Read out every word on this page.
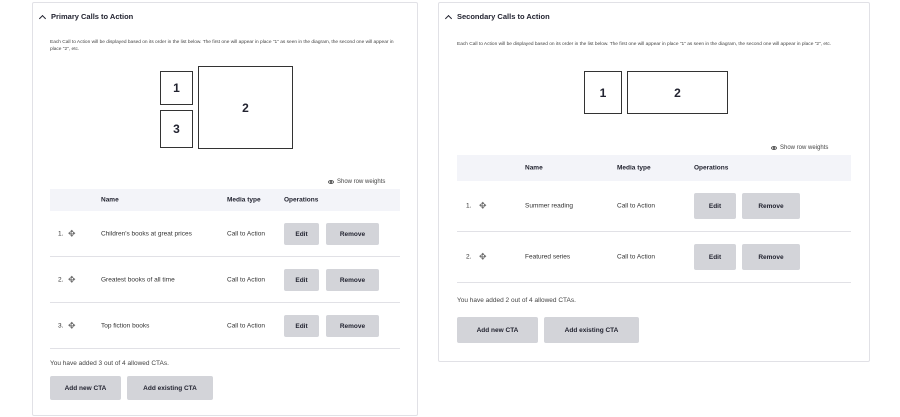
Primary Calls to Action
Each Call to Action will be displayed based on its order in the list below. The first one will appear in place "1" as seen in the diagram, the second one will appear in place "2", etc.
1
3
2
Show row weights
Name	Media type	Operations
1. ✥	Children's books at great prices	Call to Action	Edit	Remove
2. ✥	Greatest books of all time	Call to Action	Edit	Remove
3. ✥	Top fiction books	Call to Action	Edit	Remove
You have added 3 out of 4 allowed CTAs.
Add new CTA	Add existing CTA
Secondary Calls to Action
Each Call to Action will be displayed based on its order in the list below. The first one will appear in place "1" as seen in the diagram, the second one will appear in place "2", etc.
1	2
Show row weights
Name	Media type	Operations
1. ✥	Summer reading	Call to Action	Edit	Remove
2. ✥	Featured series	Call to Action	Edit	Remove
You have added 2 out of 4 allowed CTAs.
Add new CTA	Add existing CTA
